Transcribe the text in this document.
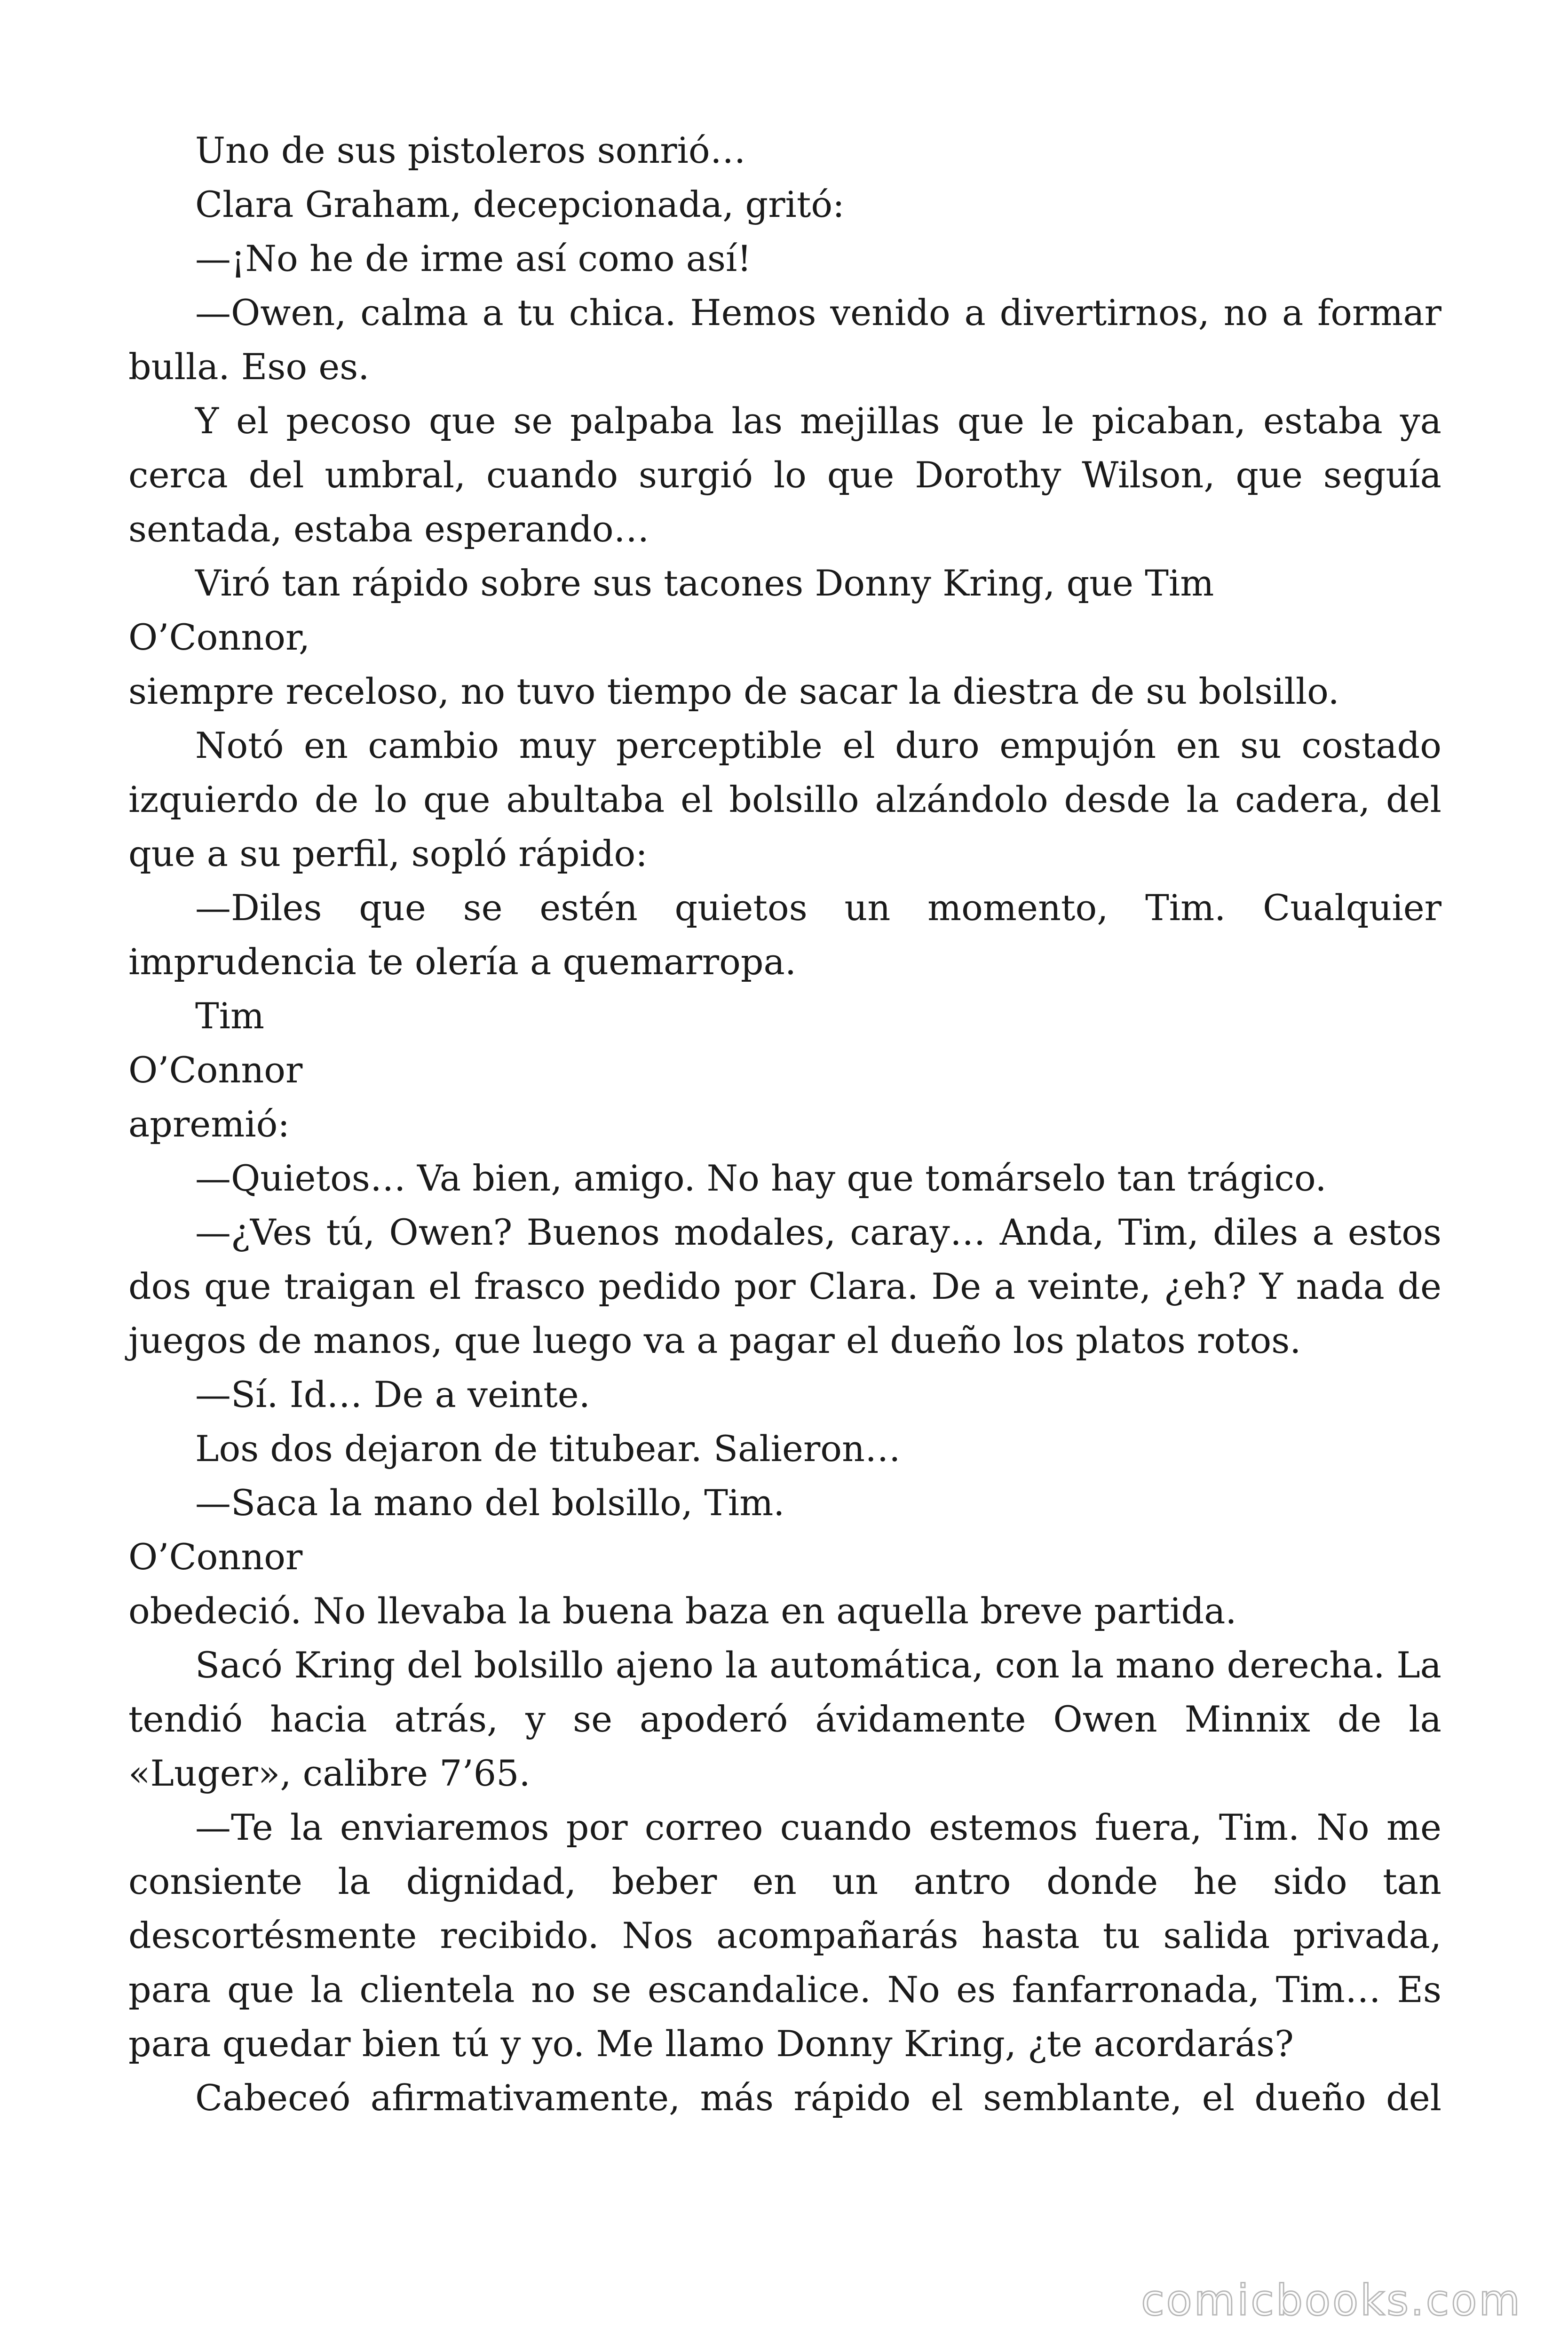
Uno de sus pistoleros sonrió…

Clara Graham, decepcionada, gritó:

—¡No he de irme así como así!

—Owen, calma a tu chica. Hemos venido a divertirnos, no a formar bulla. Eso es.

Y el pecoso que se palpaba las mejillas que le picaban, estaba ya cerca del umbral, cuando surgió lo que Dorothy Wilson, que seguía sentada, estaba esperando…

Viró tan rápido sobre sus tacones Donny Kring, que Tim

O’Connor,

siempre receloso, no tuvo tiempo de sacar la diestra de su bolsillo.

Notó en cambio muy perceptible el duro empujón en su costado izquierdo de lo que abultaba el bolsillo alzándolo desde la cadera, del que a su perfil, sopló rápido:

—Diles que se estén quietos un momento, Tim. Cualquier imprudencia te olería a quemarropa.

Tim

O’Connor

apremió:

—Quietos… Va bien, amigo. No hay que tomárselo tan trágico.

—¿Ves tú, Owen? Buenos modales, caray… Anda, Tim, diles a estos dos que traigan el frasco pedido por Clara. De a veinte, ¿eh? Y nada de juegos de manos, que luego va a pagar el dueño los platos rotos.

—Sí. Id… De a veinte.

Los dos dejaron de titubear. Salieron…

—Saca la mano del bolsillo, Tim.

O’Connor

obedeció. No llevaba la buena baza en aquella breve partida.

Sacó Kring del bolsillo ajeno la automática, con la mano derecha. La tendió hacia atrás, y se apoderó ávidamente Owen Minnix de la «Luger», calibre 7’65.

—Te la enviaremos por correo cuando estemos fuera, Tim. No me consiente la dignidad, beber en un antro donde he sido tan descortésmente recibido. Nos acompañarás hasta tu salida privada, para que la clientela no se escandalice. No es fanfarronada, Tim… Es para quedar bien tú y yo. Me llamo Donny Kring, ¿te acordarás?

Cabeceó afirmativamente, más rápido el semblante, el dueño del

comicbooks.com
